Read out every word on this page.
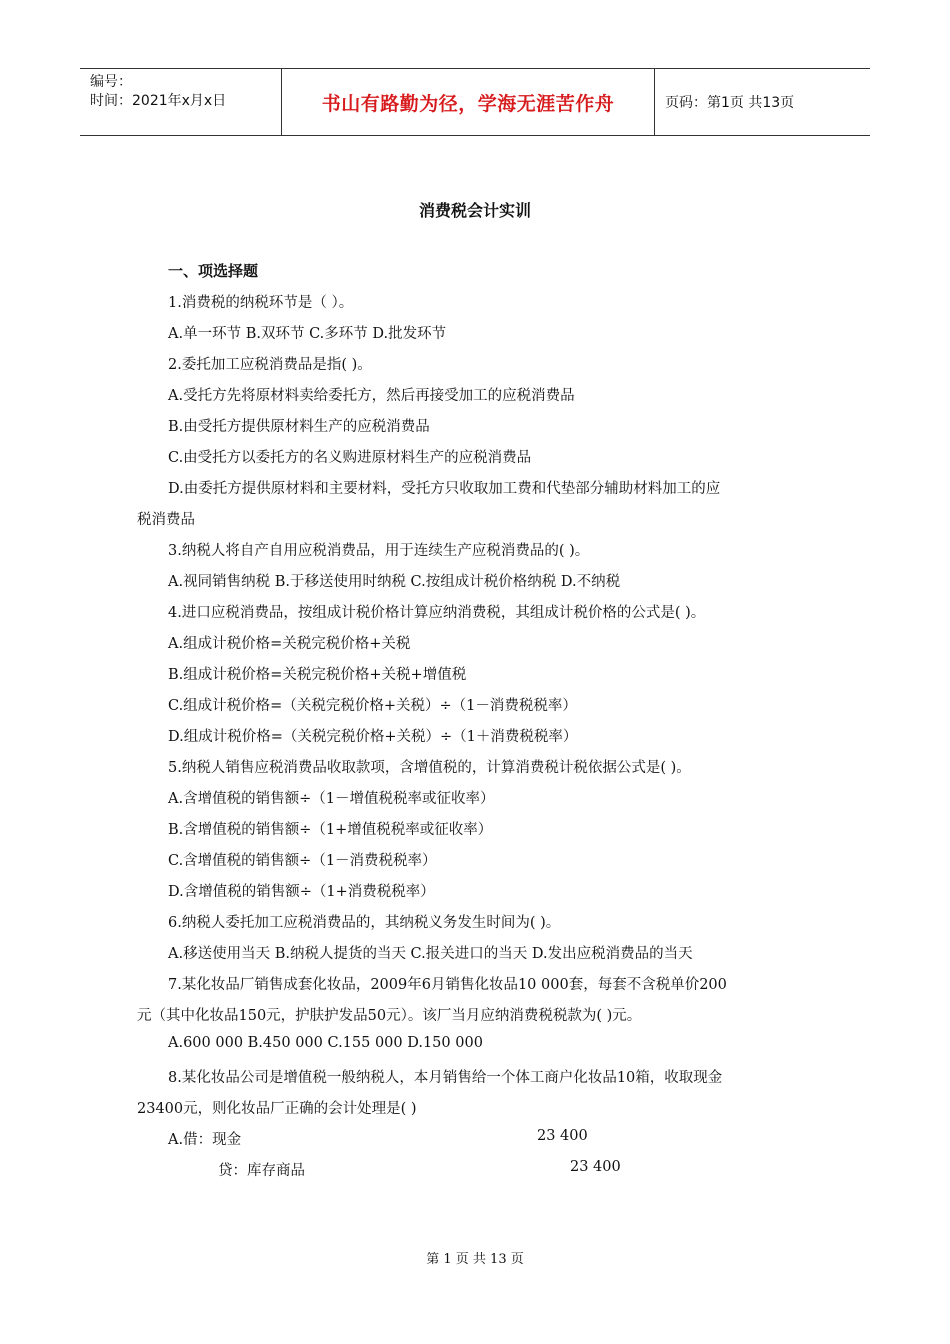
编号：
时间：2021年x月x日	书山有路勤为径，学海无涯苦作舟	页码：第1页 共13页
消费税会计实训
一、项选择题
1.消费税的纳税环节是（ ）。
A.单一环节 B.双环节 C.多环节 D.批发环节
2.委托加工应税消费品是指( )。
A.受托方先将原材料卖给委托方，然后再接受加工的应税消费品
B.由受托方提供原材料生产的应税消费品
C.由受托方以委托方的名义购进原材料生产的应税消费品
D.由委托方提供原材料和主要材料，受托方只收取加工费和代垫部分辅助材料加工的应
税消费品
3.纳税人将自产自用应税消费品，用于连续生产应税消费品的( )。
A.视同销售纳税 B.于移送使用时纳税 C.按组成计税价格纳税 D.不纳税
4.进口应税消费品，按组成计税价格计算应纳消费税，其组成计税价格的公式是( )。
A.组成计税价格=关税完税价格+关税
B.组成计税价格=关税完税价格+关税+增值税
C.组成计税价格=（关税完税价格+关税）÷（1－消费税税率）
D.组成计税价格=（关税完税价格+关税）÷（1＋消费税税率）
5.纳税人销售应税消费品收取款项，含增值税的，计算消费税计税依据公式是( )。
A.含增值税的销售额÷（1－增值税税率或征收率）
B.含增值税的销售额÷（1+增值税税率或征收率）
C.含增值税的销售额÷（1－消费税税率）
D.含增值税的销售额÷（1+消费税税率）
6.纳税人委托加工应税消费品的，其纳税义务发生时间为( )。
A.移送使用当天 B.纳税人提货的当天 C.报关进口的当天 D.发出应税消费品的当天
7.某化妆品厂销售成套化妆品，2009年6月销售化妆品10 000套，每套不含税单价200
元（其中化妆品150元，护肤护发品50元）。该厂当月应纳消费税税款为( )元。
A.600 000 B.450 000 C.155 000 D.150 000
8.某化妆品公司是增值税一般纳税人，本月销售给一个体工商户化妆品10箱，收取现金
23400元，则化妆品厂正确的会计处理是( )
A.借：现金	23 400
贷：库存商品	23 400
第 1 页 共 13 页
